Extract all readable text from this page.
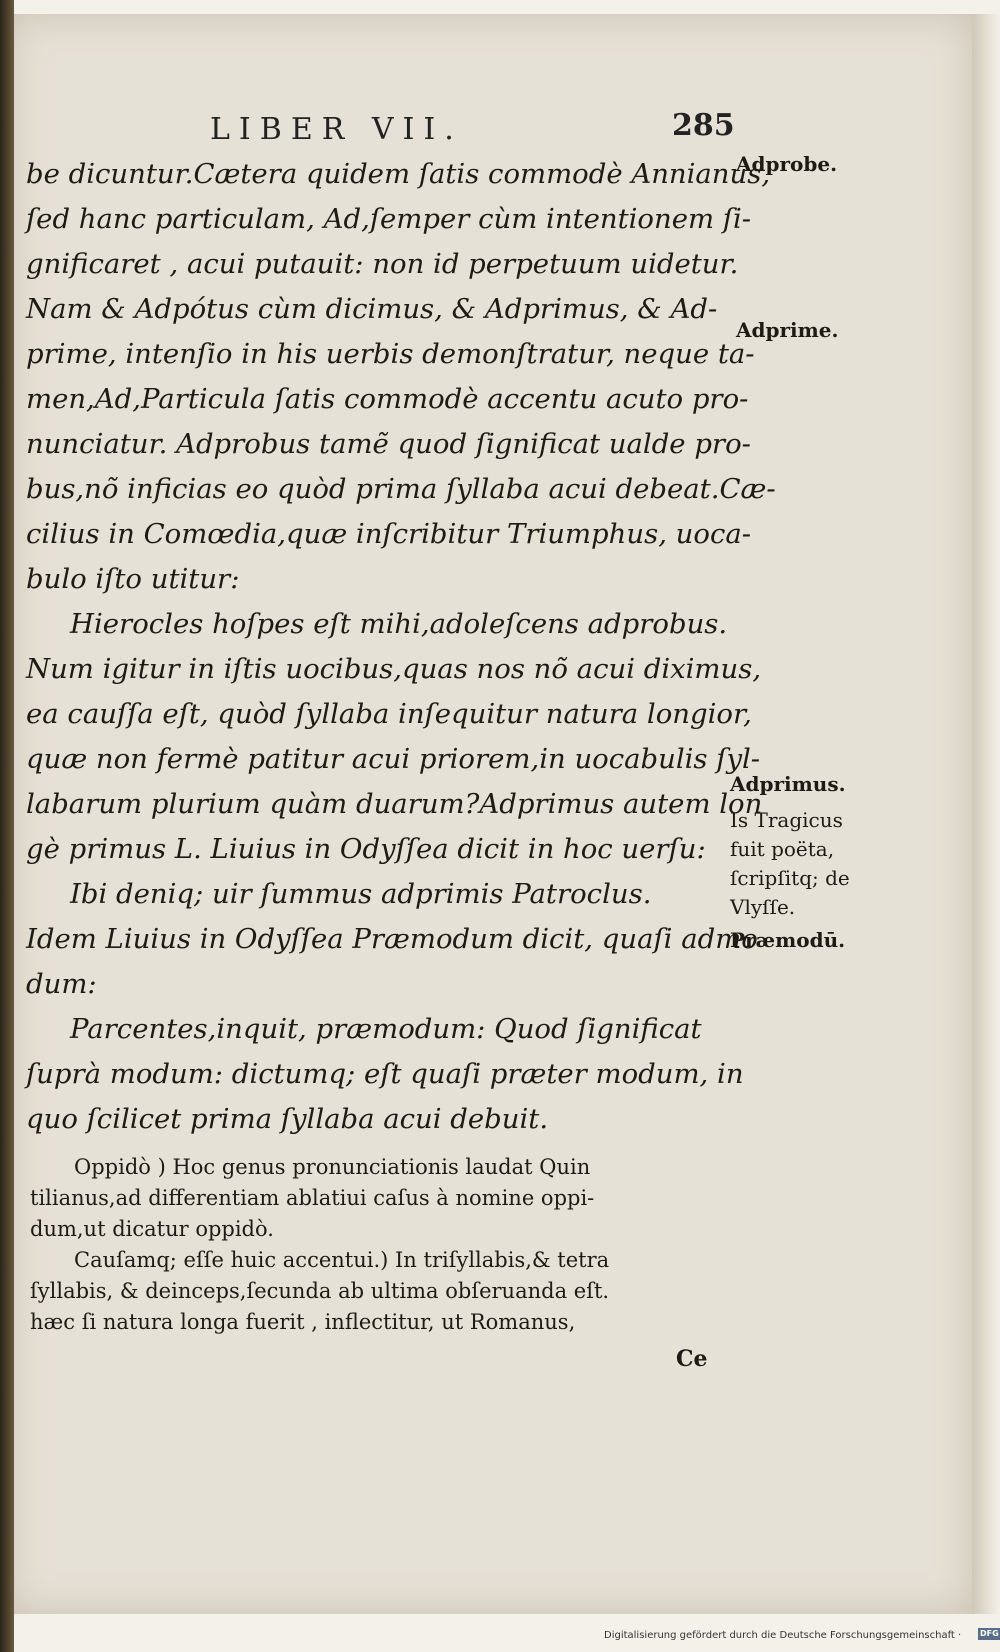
LIBER VII.	285
be dicuntur.Cætera quidem ſatis commodè Annianus,
ſed hanc particulam, Ad,ſemper cùm intentionem ſi-
gnificaret , acui putauit: non id perpetuum uidetur.
Nam & Adpótus cùm dicimus, & Adprimus, & Ad-
prime, intenſio in his uerbis demonſtratur, neque ta-
men,Ad,Particula ſatis commodè accentu acuto pro-
nunciatur. Adprobus tamẽ quod ſignificat ualde pro-
bus,nõ inficias eo quòd prima ſyllaba acui debeat.Cæ-
cilius in Comœdia,quæ inſcribitur Triumphus, uoca-
bulo iſto utitur:
Hierocles hoſpes eſt mihi,adoleſcens adprobus.
Num igitur in iſtis uocibus,quas nos nõ acui diximus,
ea cauſſa eſt, quòd ſyllaba inſequitur natura longior,
quæ non fermè patitur acui priorem,in uocabulis ſyl-
labarum plurium quàm duarum?Adprimus autem lon
gè primus L. Liuius in Odyſſea dicit in hoc uerſu:
Ibi deniq; uir ſummus adprimis Patroclus.
Idem Liuius in Odyſſea Præmodum dicit, quaſi admo
dum:
Parcentes,inquit, præmodum: Quod ſignificat
ſuprà modum: dictumq; eſt quaſi præter modum, in
quo ſcilicet prima ſyllaba acui debuit.
Oppidò ) Hoc genus pronunciationis laudat Quin
tilianus,ad differentiam ablatiui caſus à nomine oppi-
dum,ut dicatur oppidò.
Cauſamq; eſſe huic accentui.) In triſyllabis,& tetra
ſyllabis, & deinceps,ſecunda ab ultima obſeruanda eſt.
hæc ſi natura longa fuerit , inflectitur, ut Romanus,
Ce
Adprobe.
Adprime.
Adprimus.
Is Tragicus
fuit poëta,
ſcripſitq; de
Vlyſſe.
Præmodū.
Digitalisierung gefördert durch die Deutsche Forschungsgemeinschaft · DFG
